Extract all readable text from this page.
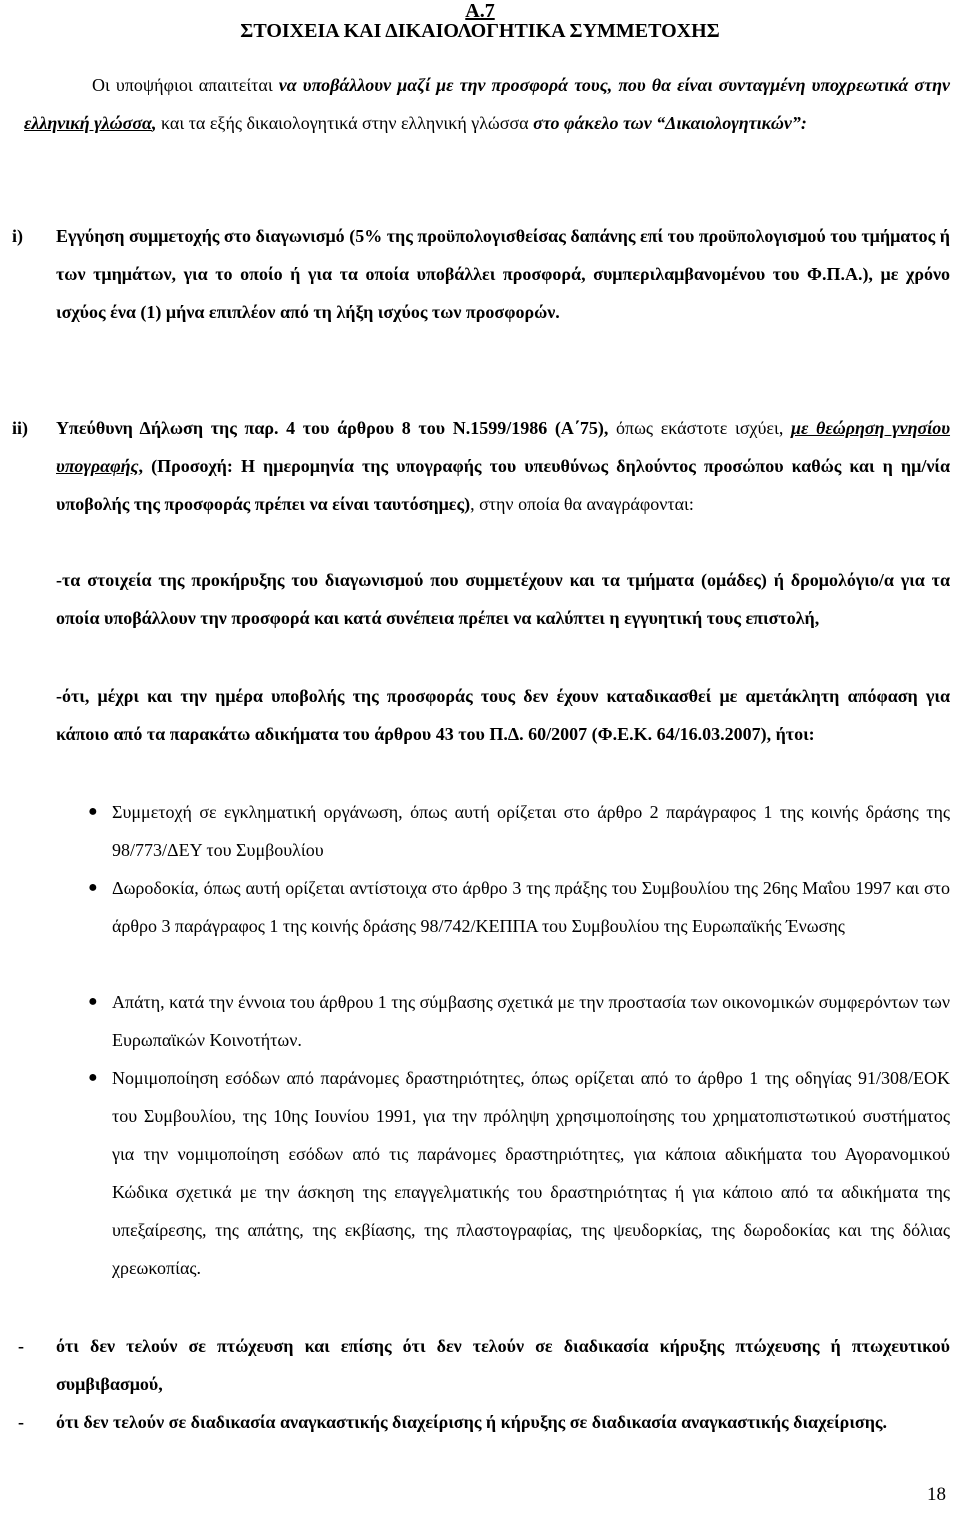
A.7
ΣΤΟΙΧΕΙΑ ΚΑΙ ΔΙΚΑΙΟΛΟΓΗΤΙΚΑ ΣΥΜΜΕΤΟΧΗΣ
Οι υποψήφιοι απαιτείται να υποβάλλουν μαζί με την προσφορά τους, που θα είναι συνταγμένη υποχρεωτικά στην ελληνική γλώσσα, και τα εξής δικαιολογητικά στην ελληνική γλώσσα στο φάκελο των “Δικαιολογητικών”:
i) Εγγύηση συμμετοχής στο διαγωνισμό (5% της προϋπολογισθείσας δαπάνης επί του προϋπολογισμού του τμήματος ή των τμημάτων, για το οποίο ή για τα οποία υποβάλλει προσφορά, συμπεριλαμβανομένου του Φ.Π.Α.), με χρόνο ισχύος ένα (1) μήνα επιπλέον από τη λήξη ισχύος των προσφορών.
ii) Υπεύθυνη Δήλωση της παρ. 4 του άρθρου 8 του Ν.1599/1986 (Α΄75), όπως εκάστοτε ισχύει, με θεώρηση γνησίου υπογραφής, (Προσοχή: Η ημερομηνία της υπογραφής του υπευθύνως δηλούντος προσώπου καθώς και η ημ/νία υποβολής της προσφοράς πρέπει να είναι ταυτόσημες), στην οποία θα αναγράφονται:
-τα στοιχεία της προκήρυξης του διαγωνισμού που συμμετέχουν και τα τμήματα (ομάδες) ή δρομολόγιο/α για τα οποία υποβάλλουν την προσφορά και κατά συνέπεια πρέπει να καλύπτει η εγγυητική τους επιστολή,
-ότι, μέχρι και την ημέρα υποβολής της προσφοράς τους δεν έχουν καταδικασθεί με αμετάκλητη απόφαση για κάποιο από τα παρακάτω αδικήματα του άρθρου 43 του Π.Δ. 60/2007 (Φ.Ε.Κ. 64/16.03.2007), ήτοι:
● Συμμετοχή σε εγκληματική οργάνωση, όπως αυτή ορίζεται στο άρθρο 2 παράγραφος 1 της κοινής δράσης της 98/773/ΔΕΥ του Συμβουλίου
● Δωροδοκία, όπως αυτή ορίζεται αντίστοιχα στο άρθρο 3 της πράξης του Συμβουλίου της 26ης Μαΐου 1997 και στο άρθρο 3 παράγραφος 1 της κοινής δράσης 98/742/ΚΕΠΠΑ του Συμβουλίου της Ευρωπαϊκής Ένωσης
● Απάτη, κατά την έννοια του άρθρου 1 της σύμβασης σχετικά με την προστασία των οικονομικών συμφερόντων των Ευρωπαϊκών Κοινοτήτων.
● Νομιμοποίηση εσόδων από παράνομες δραστηριότητες, όπως ορίζεται από το άρθρο 1 της οδηγίας 91/308/ΕΟΚ του Συμβουλίου, της 10ης Ιουνίου 1991, για την πρόληψη χρησιμοποίησης του χρηματοπιστωτικού συστήματος για την νομιμοποίηση εσόδων από τις παράνομες δραστηριότητες, για κάποια αδικήματα του Αγορανομικού Κώδικα σχετικά με την άσκηση της επαγγελματικής του δραστηριότητας ή για κάποιο από τα αδικήματα της υπεξαίρεσης, της απάτης, της εκβίασης, της πλαστογραφίας, της ψευδορκίας, της δωροδοκίας και της δόλιας χρεωκοπίας.
- ότι δεν τελούν σε πτώχευση και επίσης ότι δεν τελούν σε διαδικασία κήρυξης πτώχευσης ή πτωχευτικού συμβιβασμού,
- ότι δεν τελούν σε διαδικασία αναγκαστικής διαχείρισης ή κήρυξης σε διαδικασία αναγκαστικής διαχείρισης.
18
